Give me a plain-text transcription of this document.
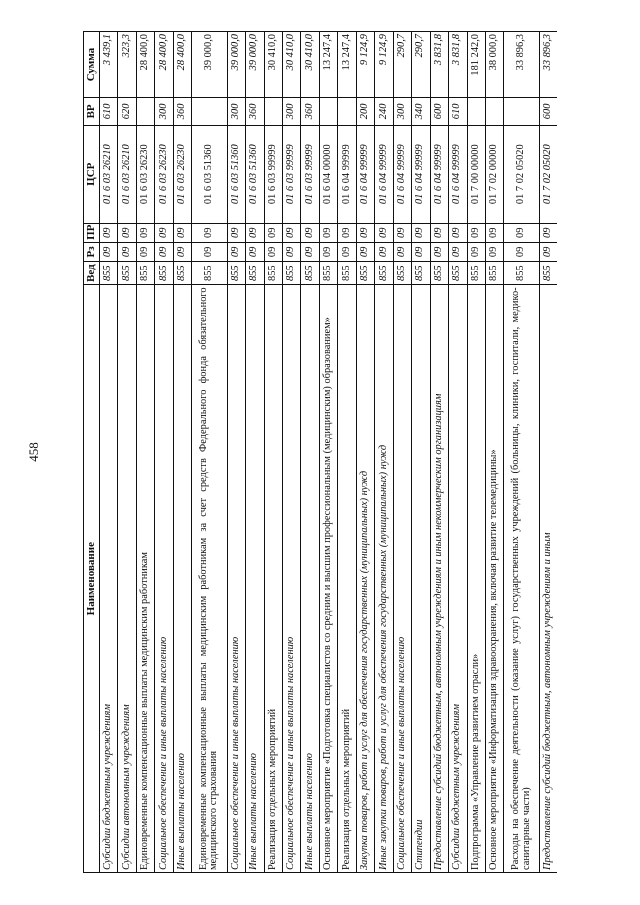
458
Наименование	Вед	Рз	ПР	ЦСР	ВР	Сумма
Субсидии бюджетным учреждениям	855	09	09	01 6 03 26210	610	3 439,1
Субсидии автономным учреждениям	855	09	09	01 6 03 26210	620	323,3
Единовременные компенсационные выплаты медицинским работникам	855	09	09	01 6 03 26230		28 400,0
Социальное обеспечение и иные выплаты населению	855	09	09	01 6 03 26230	300	28 400,0
Иные выплаты населению	855	09	09	01 6 03 26230	360	28 400,0
Единовременные компенсационные выплаты медицинским работникам за счет средств Федерального фонда обязательного медицинского страхования	855	09	09	01 6 03 51360		39 000,0
Социальное обеспечение и иные выплаты населению	855	09	09	01 6 03 51360	300	39 000,0
Иные выплаты населению	855	09	09	01 6 03 51360	360	39 000,0
Реализация отдельных мероприятий	855	09	09	01 6 03 99999		30 410,0
Социальное обеспечение и иные выплаты населению	855	09	09	01 6 03 99999	300	30 410,0
Иные выплаты населению	855	09	09	01 6 03 99999	360	30 410,0
Основное мероприятие «Подготовка специалистов со средним и высшим профессиональным (медицинским) образованием»	855	09	09	01 6 04 00000		13 247,4
Реализация отдельных мероприятий	855	09	09	01 6 04 99999		13 247,4
Закупка товаров, работ и услуг для обеспечения государственных (муниципальных) нужд	855	09	09	01 6 04 99999	200	9 124,9
Иные закупки товаров, работ и услуг для обеспечения государственных (муниципальных) нужд	855	09	09	01 6 04 99999	240	9 124,9
Социальное обеспечение и иные выплаты населению	855	09	09	01 6 04 99999	300	290,7
Стипендии	855	09	09	01 6 04 99999	340	290,7
Предоставление субсидий бюджетным, автономным учреждениям и иным некоммерческим организациям	855	09	09	01 6 04 99999	600	3 831,8
Субсидии бюджетным учреждениям	855	09	09	01 6 04 99999	610	3 831,8
Подпрограмма «Управление развитием отрасли»	855	09	09	01 7 00 00000		181 242,0
Основное мероприятие «Информатизация здравоохранения, включая развитие телемедицины»	855	09	09	01 7 02 00000		38 000,0
Расходы на обеспечение деятельности (оказание услуг) государственных учреждений (больницы, клиники, госпитали, медико-санитарные части)	855	09	09	01 7 02 05020		33 896,3
Предоставление субсидий бюджетным, автономным учреждениям и иным	855	09	09	01 7 02 05020	600	33 896,3
